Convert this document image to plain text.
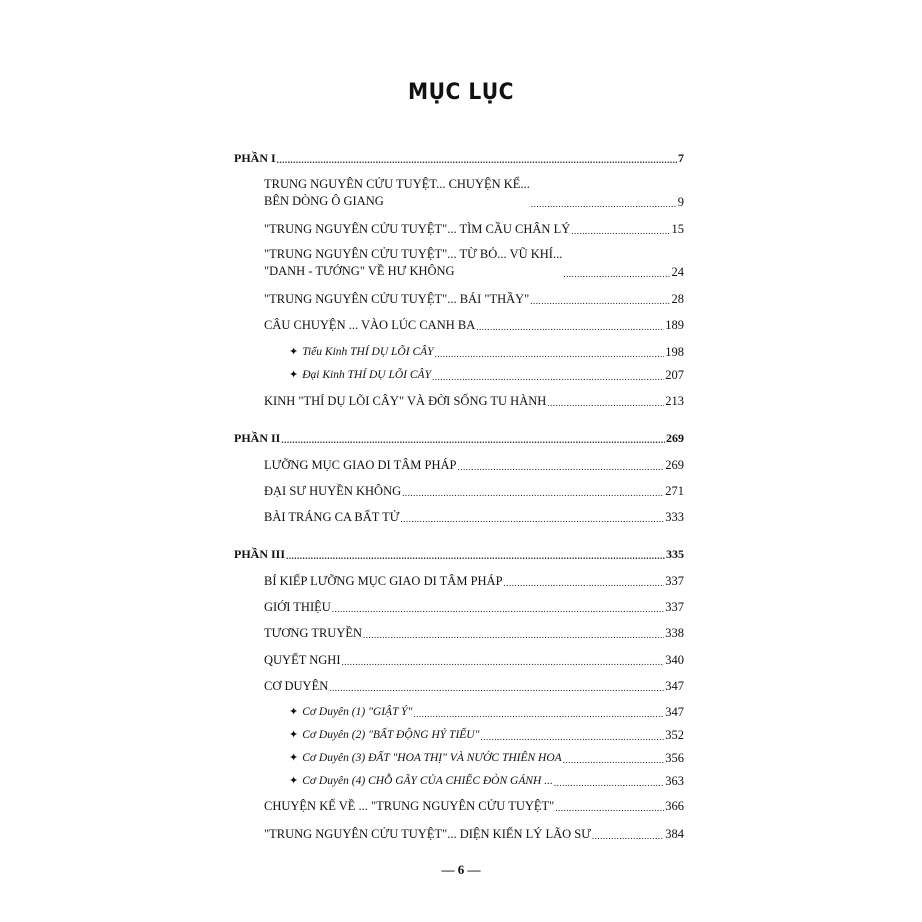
MỤC LỤC
PHẦN I .....	7
TRUNG NGUYÊN CỬU TUYỆT... CHUYỆN KỂ...
BÊN DÒNG Ô GIANG .....	9
"TRUNG NGUYÊN CỬU TUYỆT"... TÌM CẦU CHÂN LÝ .....	15
"TRUNG NGUYÊN CỬU TUYỆT"... TỪ BỎ... VŨ KHÍ...
"DANH - TƯỚNG" VỀ HƯ KHÔNG .....	24
"TRUNG NGUYÊN CỬU TUYỆT"... BÁI "THẦY" .....	28
CÂU CHUYỆN ... VÀO LÚC CANH BA .....	189
✦ Tiểu Kinh THÍ DỤ LÕI CÂY .....	198
✦ Đại Kinh THÍ DỤ LÕI CÂY .....	207
KINH "THÍ DỤ LÕI CÂY" VÀ ĐỜI SỐNG TU HÀNH .....	213
PHẦN II .....	269
LƯỠNG MỤC GIAO DI TÂM PHÁP .....	269
ĐẠI SƯ HUYỀN KHÔNG .....	271
BÀI TRÁNG CA BẤT TỬ .....	333
PHẦN III .....	335
BÍ KIẾP LƯỠNG MỤC GIAO DI TÂM PHÁP .....	337
GIỚI THIỆU .....	337
TƯƠNG TRUYỀN .....	338
QUYẾT NGHI .....	340
CƠ DUYÊN .....	347
✦ Cơ Duyên (1) "GIẬT Ý" .....	347
✦ Cơ Duyên (2) "BẤT ĐỘNG HỶ TIẾU" .....	352
✦ Cơ Duyên (3) ĐẤT "HOA THỊ" VÀ NƯỚC THIÊN HOA .....	356
✦ Cơ Duyên (4) CHỖ GÃY CỦA CHIẾC ĐÒN GÁNH ... .....	363
CHUYỆN KỂ VỀ ... "TRUNG NGUYÊN CỬU TUYỆT" .....	366
"TRUNG NGUYÊN CỬU TUYỆT"... DIỆN KIẾN LÝ LÃO SƯ .....	384
— 6 —
